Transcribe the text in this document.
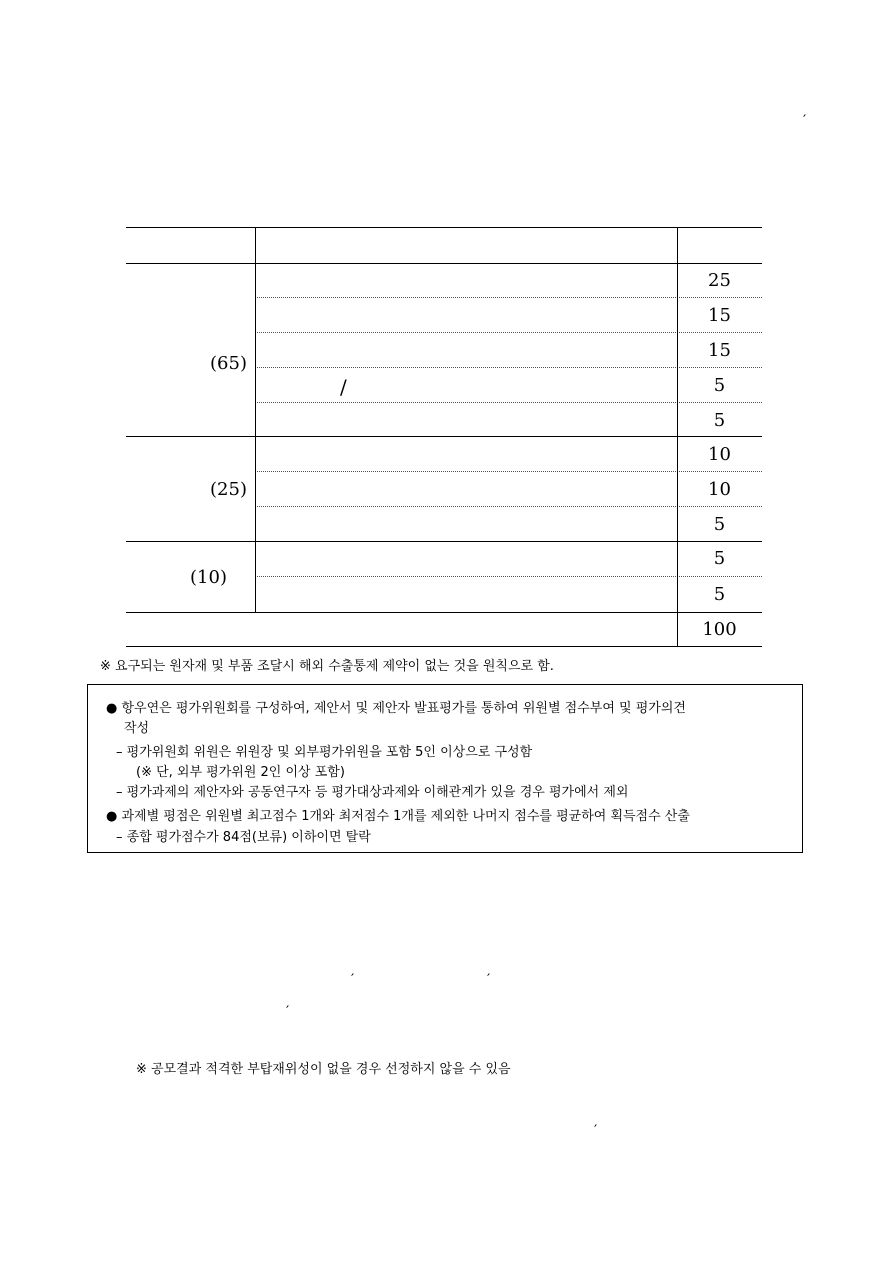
′
′	′
′
′
(65)
(25)
(10)
/
25
15
15
5
5
10
10
5
5
5
100
※ 요구되는 원자재 및 부품 조달시 해외 수출통제 제약이 없는 것을 원칙으로 함.
● 항우연은 평가위원회를 구성하여, 제안서 및 제안자 발표평가를 통하여 위원별 점수부여 및 평가의견
작성
– 평가위원회 위원은 위원장 및 외부평가위원을 포함 5인 이상으로 구성함
(※ 단, 외부 평가위원 2인 이상 포함)
– 평가과제의 제안자와 공동연구자 등 평가대상과제와 이해관계가 있을 경우 평가에서 제외
● 과제별 평점은 위원별 최고점수 1개와 최저점수 1개를 제외한 나머지 점수를 평균하여 획득점수 산출
– 종합 평가점수가 84점(보류) 이하이면 탈락
※ 공모결과 적격한 부탑재위성이 없을 경우 선정하지 않을 수 있음
